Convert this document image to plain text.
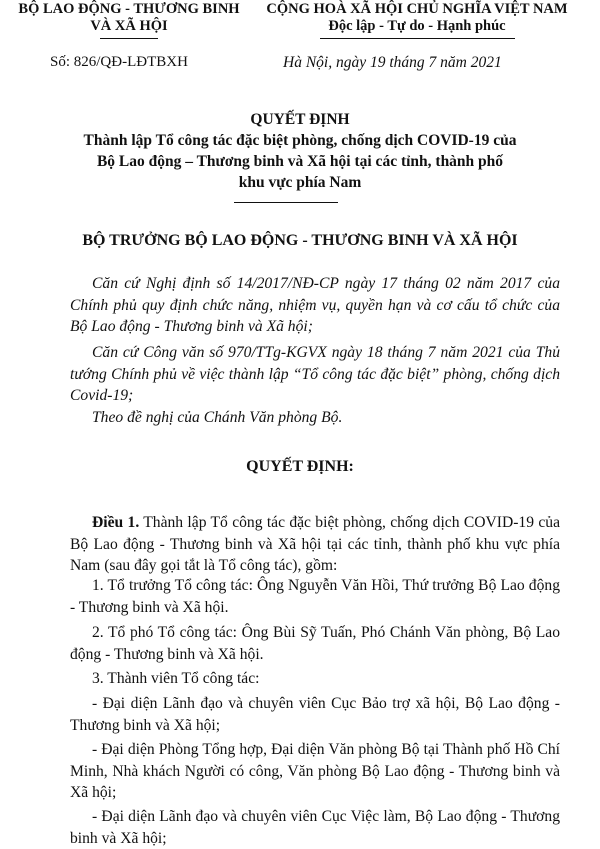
BỘ LAO ĐỘNG - THƯƠNG BINH
VÀ XÃ HỘI
CỘNG HOÀ XÃ HỘI CHỦ NGHĨA VIỆT NAM
Độc lập - Tự do - Hạnh phúc
Số: 826/QĐ-LĐTBXH	Hà Nội, ngày 19 tháng 7 năm 2021
QUYẾT ĐỊNH
Thành lập Tổ công tác đặc biệt phòng, chống dịch COVID-19 của
Bộ Lao động – Thương binh và Xã hội tại các tỉnh, thành phố
khu vực phía Nam
BỘ TRƯỞNG BỘ LAO ĐỘNG - THƯƠNG BINH VÀ XÃ HỘI
Căn cứ Nghị định số 14/2017/NĐ-CP ngày 17 tháng 02 năm 2017 của Chính phủ quy định chức năng, nhiệm vụ, quyền hạn và cơ cấu tổ chức của Bộ Lao động - Thương binh và Xã hội;
Căn cứ Công văn số 970/TTg-KGVX ngày 18 tháng 7 năm 2021 của Thủ tướng Chính phủ về việc thành lập “Tổ công tác đặc biệt” phòng, chống dịch Covid-19;
Theo đề nghị của Chánh Văn phòng Bộ.
QUYẾT ĐỊNH:
Điều 1. Thành lập Tổ công tác đặc biệt phòng, chống dịch COVID-19 của Bộ Lao động - Thương binh và Xã hội tại các tỉnh, thành phố khu vực phía Nam (sau đây gọi tắt là Tổ công tác), gồm:
1. Tổ trưởng Tổ công tác: Ông Nguyễn Văn Hồi, Thứ trưởng Bộ Lao động - Thương binh và Xã hội.
2. Tổ phó Tổ công tác: Ông Bùi Sỹ Tuấn, Phó Chánh Văn phòng, Bộ Lao động - Thương binh và Xã hội.
3. Thành viên Tổ công tác:
- Đại diện Lãnh đạo và chuyên viên Cục Bảo trợ xã hội, Bộ Lao động - Thương binh và Xã hội;
- Đại diện Phòng Tổng hợp, Đại diện Văn phòng Bộ tại Thành phố Hồ Chí Minh, Nhà khách Người có công, Văn phòng Bộ Lao động - Thương binh và Xã hội;
- Đại diện Lãnh đạo và chuyên viên Cục Việc làm, Bộ Lao động - Thương binh và Xã hội;
